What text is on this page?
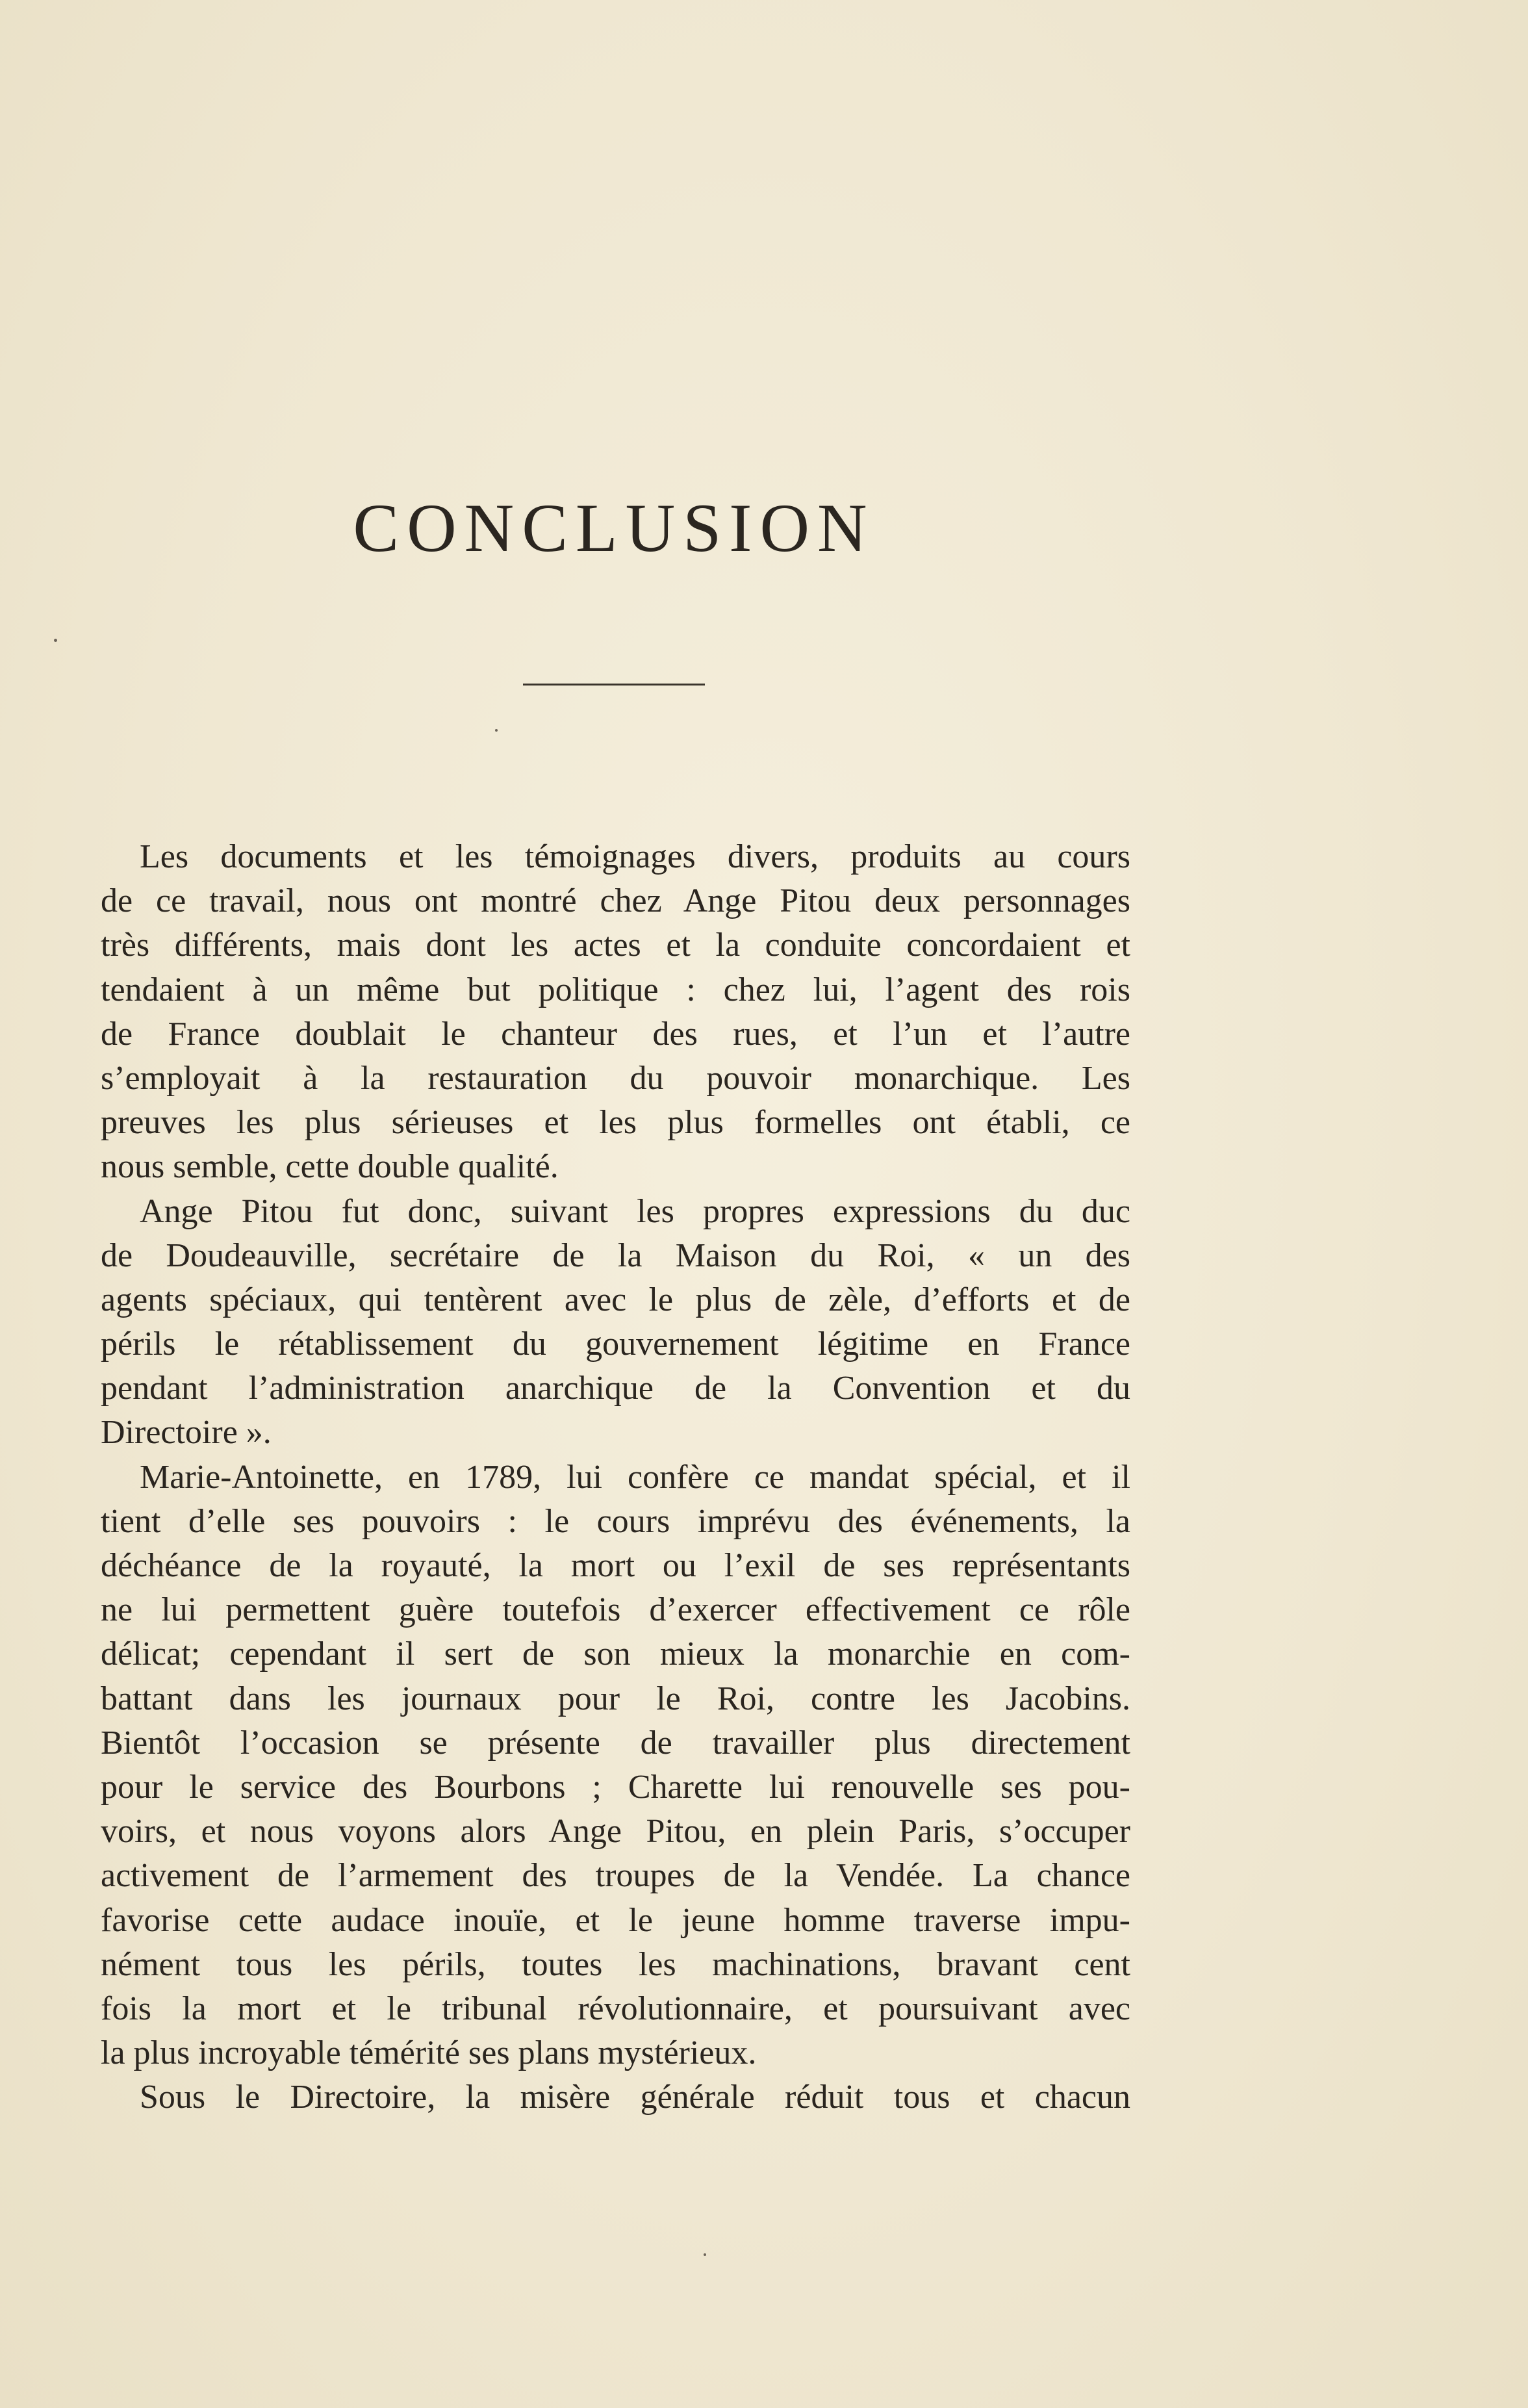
CONCLUSION
Les documents et les témoignages divers, produits au cours
de ce travail, nous ont montré chez Ange Pitou deux personnages
très différents, mais dont les actes et la conduite concordaient et
tendaient à un même but politique : chez lui, l’agent des rois
de France doublait le chanteur des rues, et l’un et l’autre
s’employait à la restauration du pouvoir monarchique. Les
preuves les plus sérieuses et les plus formelles ont établi, ce
nous semble, cette double qualité.
Ange Pitou fut donc, suivant les propres expressions du duc
de Doudeauville, secrétaire de la Maison du Roi, « un des
agents spéciaux, qui tentèrent avec le plus de zèle, d’efforts et de
périls le rétablissement du gouvernement légitime en France
pendant l’administration anarchique de la Convention et du
Directoire ».
Marie-Antoinette, en 1789, lui confère ce mandat spécial, et il
tient d’elle ses pouvoirs : le cours imprévu des événements, la
déchéance de la royauté, la mort ou l’exil de ses représentants
ne lui permettent guère toutefois d’exercer effectivement ce rôle
délicat; cependant il sert de son mieux la monarchie en com-
battant dans les journaux pour le Roi, contre les Jacobins.
Bientôt l’occasion se présente de travailler plus directement
pour le service des Bourbons ; Charette lui renouvelle ses pou-
voirs, et nous voyons alors Ange Pitou, en plein Paris, s’occuper
activement de l’armement des troupes de la Vendée. La chance
favorise cette audace inouïe, et le jeune homme traverse impu-
nément tous les périls, toutes les machinations, bravant cent
fois la mort et le tribunal révolutionnaire, et poursuivant avec
la plus incroyable témérité ses plans mystérieux.
Sous le Directoire, la misère générale réduit tous et chacun
